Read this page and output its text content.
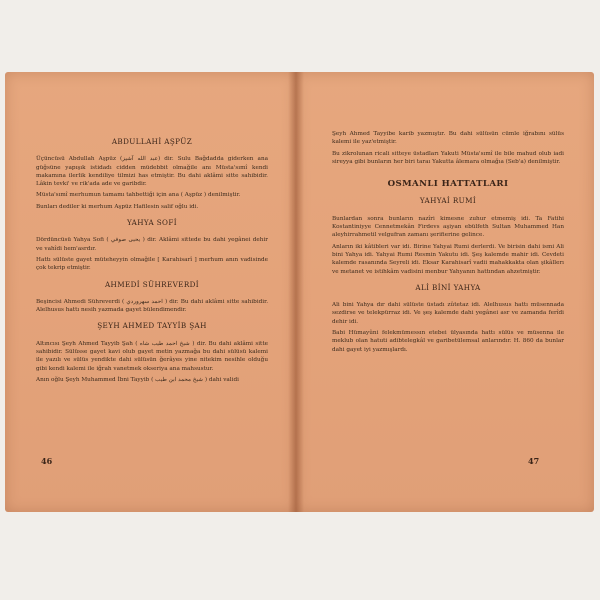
ABDULLAHİ AŞPÜZ

Üçüncüsü Abdullah Aşpüz (عبد الله آشپز) dir. Sulu Bağdadda giderken ana güğsüne yapışık istidadı cidden müdebbit olmağile anı Müsta'sımî kendi makamına ilerlik kendiliye tilmizi has etmiştir. Bu dahi aklâmi sitte sahibidir. Lâkin tevki' ve rik'ada ade ve garibdir.

Müsta'sımî merhumun tamamı tahbettiği için ana ( Aşpüz ) denilmiştir.

Bunları dediler ki merhum Aşpüz Hafilesin salif oğlu idi.

YAHYA SOFİ

Dördüncüsü Yahya Sofi ( يحيى صوفي ) dir. Aklâmi sittede bu dahi yegânei dehir ve vahîdi hem'asrdır.

Hattı sülüste gayet müteheyyin olmağile [ Karahisarî ] merhum anın vadisinde çok tekrip etmiştir.

AHMEDİ SÜHREVERDİ

Beşincisi Ahmedi Sühreverdi ( احمد سهروردي ) dir. Bu dahi aklâmi sitte sahibidir. Alelhusus hattı nesih yazmada gayet bülendimendir.

ŞEYH AHMED TAYYİB ŞAH

Altıncısı Şeyh Ahmed Tayyib Şah ( شيخ احمد طيب شاه ) dir. Bu dahi aklâmi sitte sahibidir. Sülüsse gayet kavi olub gayet metin yazmağa bu dahi sülüsü kalemi ile yazılı ve sülüs yendikte dahi sülüsün ğerâyes yine nitekim nesihle olduğu gibi kendi kalemi ile iğrah vanetmek okseriya ana mahsustur.

Anın oğlu Şeyh Muhammed İbni Tayyib ( شيخ محمد ابن طيب ) dahi validi

46

Şeyh Ahmed Tayyibe karib yazmıştır. Bu dahi sülüsün cümle iğrabını sülüs kalemi ile yaz'etmiştir.

Bu zikrolunan ricali sitteye üstadları Yakuti Müsta'sımî ile bile mahud olub iadi sireyya gibi bunların her biri taraı Yakutta âlemara olmağıa (Seb'a) denilmiştir.

OSMANLI HATTATLARI
YAHYAİ RUMİ

Bunlardan sonra bunların nazîri kimesne zuhur etmemiş idi. Ta Fatihi Kostantiniyye Cennetmekân Firdevs aşiyan ebülfeth Sultan Muhammed Han aleyhirrahmetil velgufran zamanı şerifierine gelince.

Anların iki kâtibleri var idi. Birine Yahyai Rumi derlerdi. Ve birisin dahi ismi Ali bini Yahya idi. Yahyai Rumi Resmin Yakutu idi. Şeş kalemde mahir idi. Cevdeti kalemde rasanında Seyreli idi. Eksar Karahisarî vadii mahakkakta olan şikâllerı ve metanet ve istihkâm vadisini menbur Yahyanın hattından ahzetmiştir.

ALİ BİNİ YAHYA

Ali bini Yahya dır dahi sülüste üstadı zûtetaz idi. Alelhusus hattı müsennada sezdirse ve telekpürraz idi. Ve şeş kalemde dahi yegânei asr ve zamanda ferîdi dehir idi.

Babi Hümayûni felekmümessın etebei ülyasında hattı sülüs ve müsenna ile meklub olan hatuti adibtelegkâl ve garibetülemsal anlarındır. H. 860 da bunlar dahi gayet iyi yazmışlardı.

47
